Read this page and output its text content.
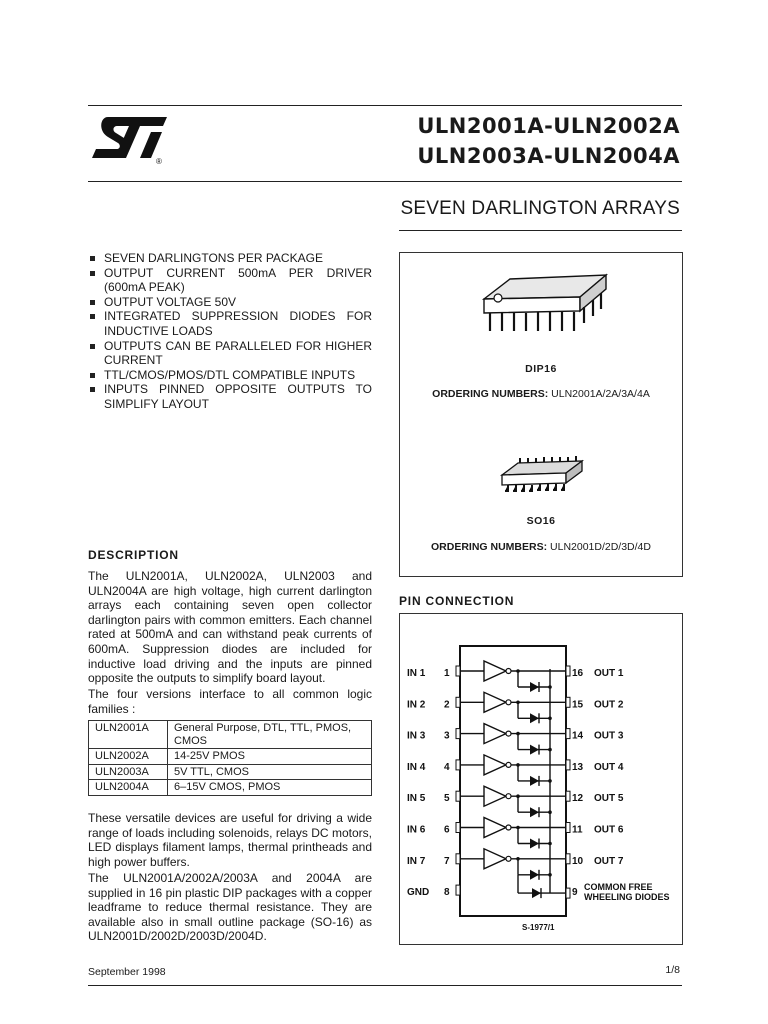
®
ULN2001A-ULN2002A
ULN2003A-ULN2004A
SEVEN DARLINGTON ARRAYS
SEVEN DARLINGTONS PER PACKAGE
OUTPUT CURRENT 500mA PER DRIVER (600mA PEAK)
OUTPUT VOLTAGE 50V
INTEGRATED SUPPRESSION DIODES FOR INDUCTIVE LOADS
OUTPUTS CAN BE PARALLELED FOR HIGHER CURRENT
TTL/CMOS/PMOS/DTL COMPATIBLE INPUTS
INPUTS PINNED OPPOSITE OUTPUTS TO SIMPLIFY LAYOUT
DESCRIPTION
The ULN2001A, ULN2002A, ULN2003 and ULN2004A are high voltage, high current darlington arrays each containing seven open collector darlington pairs with common emitters. Each channel rated at 500mA and can withstand peak currents of 600mA. Suppression diodes are included for inductive load driving and the inputs are pinned opposite the outputs to simplify board layout.
The four versions interface to all common logic families :
ULN2001A	General Purpose, DTL, TTL, PMOS, CMOS
ULN2002A	14-25V PMOS
ULN2003A	5V TTL, CMOS
ULN2004A	6–15V CMOS, PMOS
These versatile devices are useful for driving a wide range of loads including solenoids, relays DC motors, LED displays filament lamps, thermal printheads and high power buffers.
The ULN2001A/2002A/2003A and 2004A are supplied in 16 pin plastic DIP packages with a copper leadframe to reduce thermal resistance. They are available also in small outline package (SO-16) as ULN2001D/2002D/2003D/2004D.
DIP16
ORDERING NUMBERS: ULN2001A/2A/3A/4A
SO16
ORDERING NUMBERS: ULN2001D/2D/3D/4D
PIN CONNECTION
IN 1 1	16 OUT 1
IN 2 2	15 OUT 2
IN 3 3	14 OUT 3
IN 4 4	13 OUT 4
IN 5 5	12 OUT 5
IN 6 6	11 OUT 6
IN 7 7	10 OUT 7
GND 8	9 COMMON FREE
WHEELING DIODES
S-1977/1
September 1998	1/8
